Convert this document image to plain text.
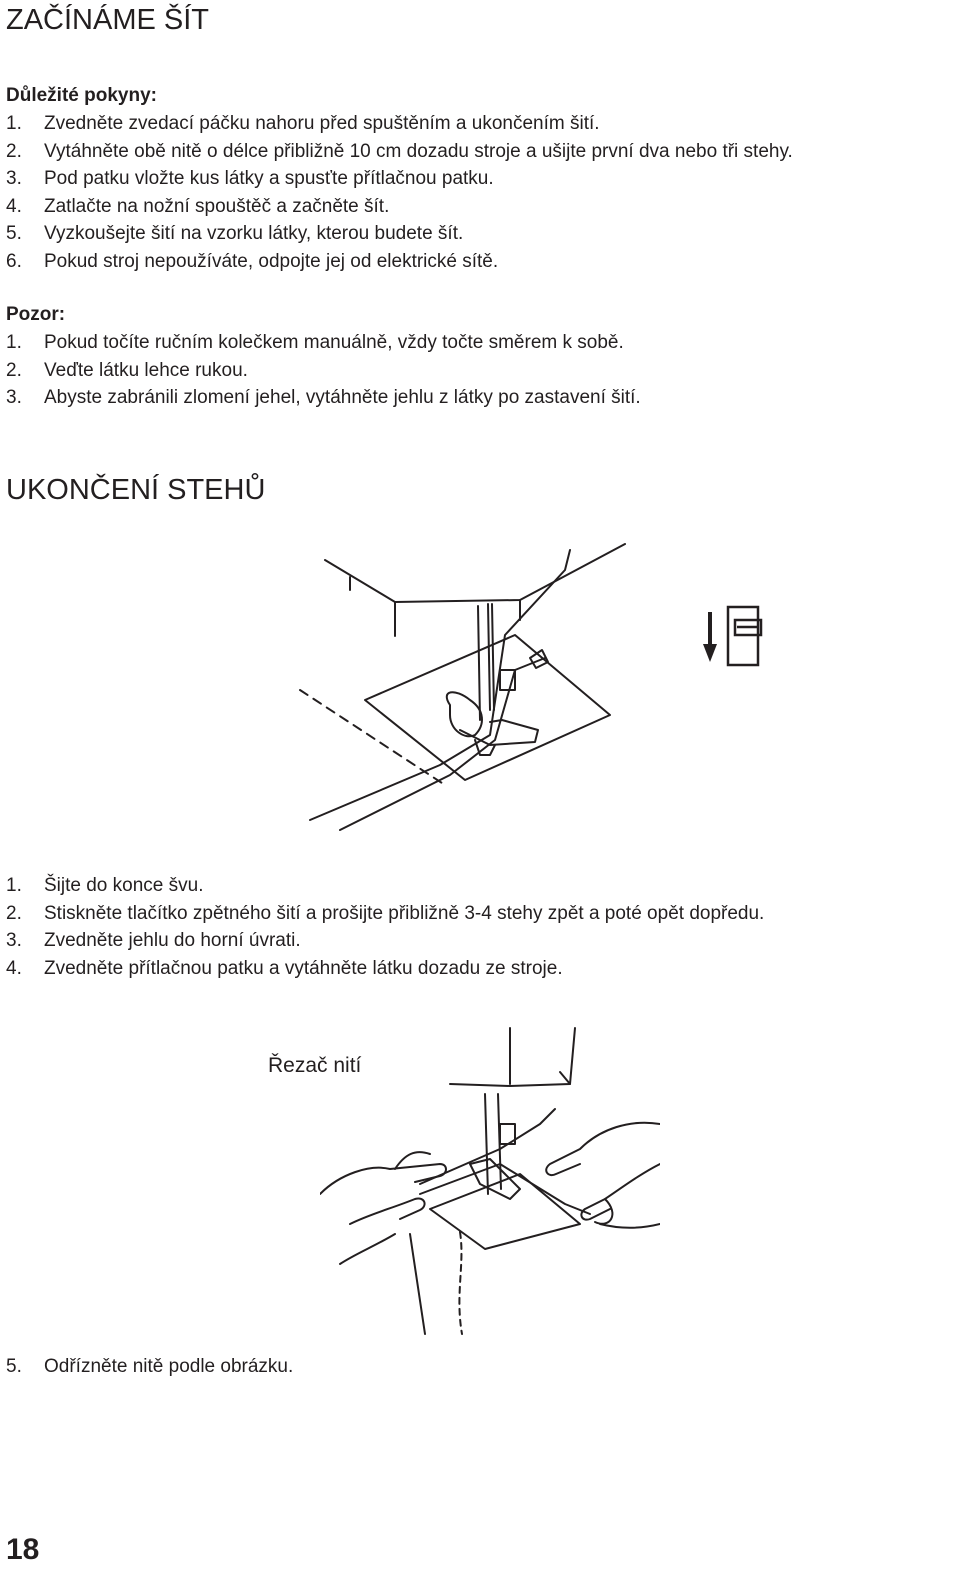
ZAČÍNÁME ŠÍT
Důležité pokyny:
1.	Zvedněte zvedací páčku nahoru před spuštěním a ukončením šití.
2.	Vytáhněte obě nitě o délce přibližně 10 cm dozadu stroje a ušijte první dva nebo tři stehy.
3.	Pod patku vložte kus látky a spusťte přítlačnou patku.
4.	Zatlačte na nožní spouštěč a začněte šít.
5.	Vyzkoušejte šití na vzorku látky, kterou budete šít.
6.	Pokud stroj nepoužíváte, odpojte jej od elektrické sítě.
Pozor:
1.	Pokud točíte ručním kolečkem manuálně, vždy točte směrem k sobě.
2.	Veďte látku lehce rukou.
3.	Abyste zabránili zlomení jehel, vytáhněte jehlu z látky po zastavení šití.
UKONČENÍ STEHŮ
1.	Šijte do konce švu.
2.	Stiskněte tlačítko zpětného šití a prošijte přibližně 3-4 stehy zpět a poté opět dopředu.
3.	Zvedněte jehlu do horní úvrati.
4.	Zvedněte přítlačnou patku a vytáhněte látku dozadu ze stroje.
Řezač nití
5.	Odřízněte nitě podle obrázku.
18
